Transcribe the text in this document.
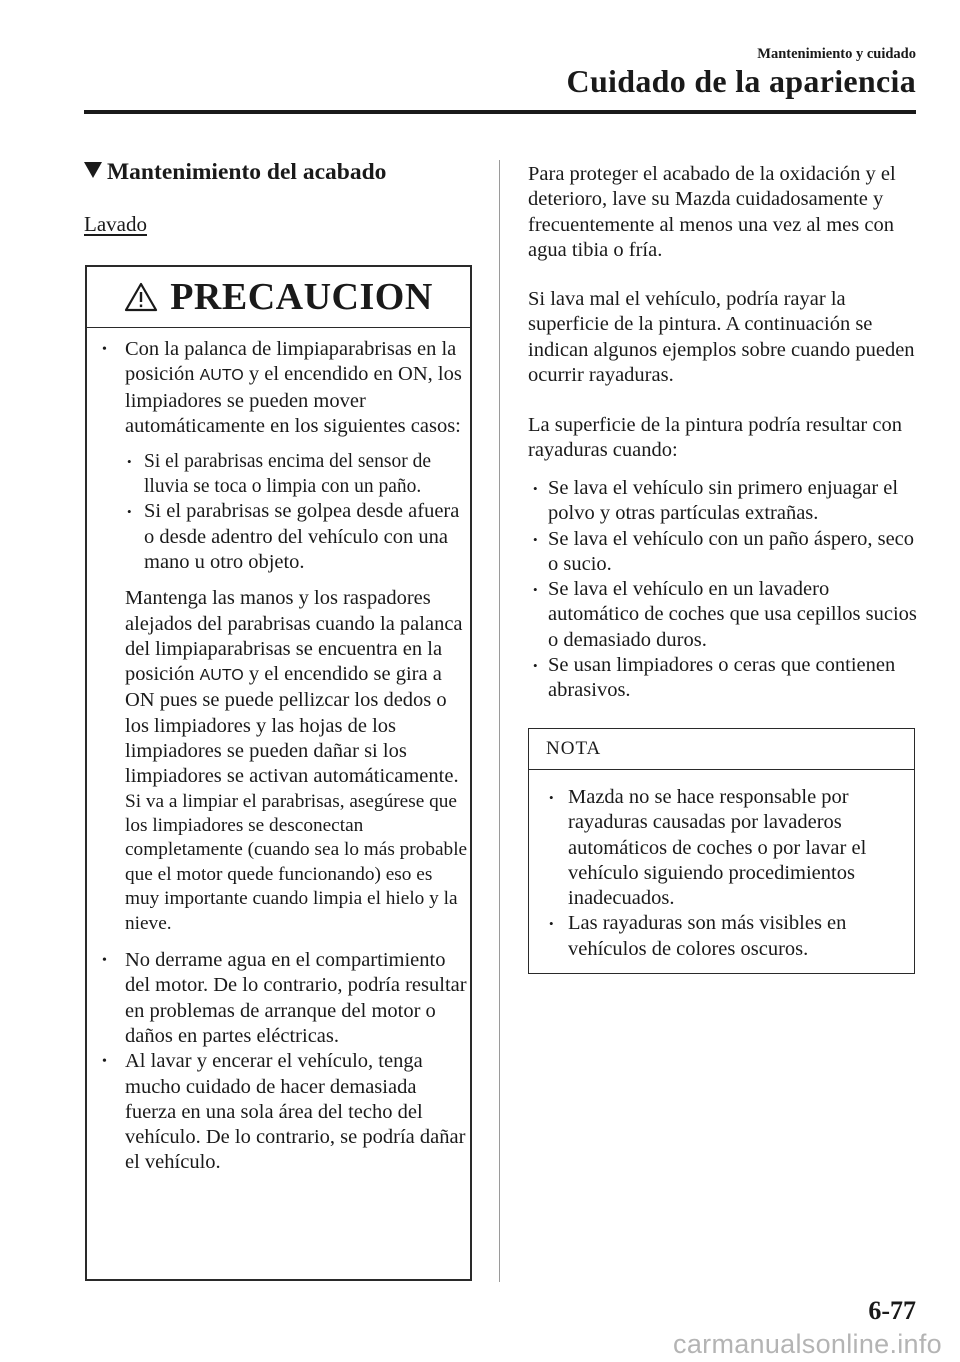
Mantenimiento y cuidado
Cuidado de la apariencia
Mantenimiento del acabado
Lavado
PRECAUCION
• Con la palanca de limpiaparabrisas en la posición AUTO y el encendido en ON, los limpiadores se pueden mover automáticamente en los siguientes casos:
• Si el parabrisas encima del sensor de lluvia se toca o limpia con un paño.
• Si el parabrisas se golpea desde afuera o desde adentro del vehículo con una mano u otro objeto.
Mantenga las manos y los raspadores alejados del parabrisas cuando la palanca del limpiaparabrisas se encuentra en la posición AUTO y el encendido se gira a ON pues se puede pellizcar los dedos o los limpiadores y las hojas de los limpiadores se pueden dañar si los limpiadores se activan automáticamente.
Si va a limpiar el parabrisas, asegúrese que los limpiadores se desconectan completamente (cuando sea lo más probable que el motor quede funcionando) eso es muy importante cuando limpia el hielo y la nieve.
• No derrame agua en el compartimiento del motor. De lo contrario, podría resultar en problemas de arranque del motor o daños en partes eléctricas.
• Al lavar y encerar el vehículo, tenga mucho cuidado de hacer demasiada fuerza en una sola área del techo del vehículo. De lo contrario, se podría dañar el vehículo.
Para proteger el acabado de la oxidación y el deterioro, lave su Mazda cuidadosamente y frecuentemente al menos una vez al mes con agua tibia o fría.
Si lava mal el vehículo, podría rayar la superficie de la pintura. A continuación se indican algunos ejemplos sobre cuando pueden ocurrir rayaduras.
La superficie de la pintura podría resultar con rayaduras cuando:
• Se lava el vehículo sin primero enjuagar el polvo y otras partículas extrañas.
• Se lava el vehículo con un paño áspero, seco o sucio.
• Se lava el vehículo en un lavadero automático de coches que usa cepillos sucios o demasiado duros.
• Se usan limpiadores o ceras que contienen abrasivos.
NOTA
• Mazda no se hace responsable por rayaduras causadas por lavaderos automáticos de coches o por lavar el vehículo siguiendo procedimientos inadecuados.
• Las rayaduras son más visibles en vehículos de colores oscuros.
6-77
carmanualsonline.info
